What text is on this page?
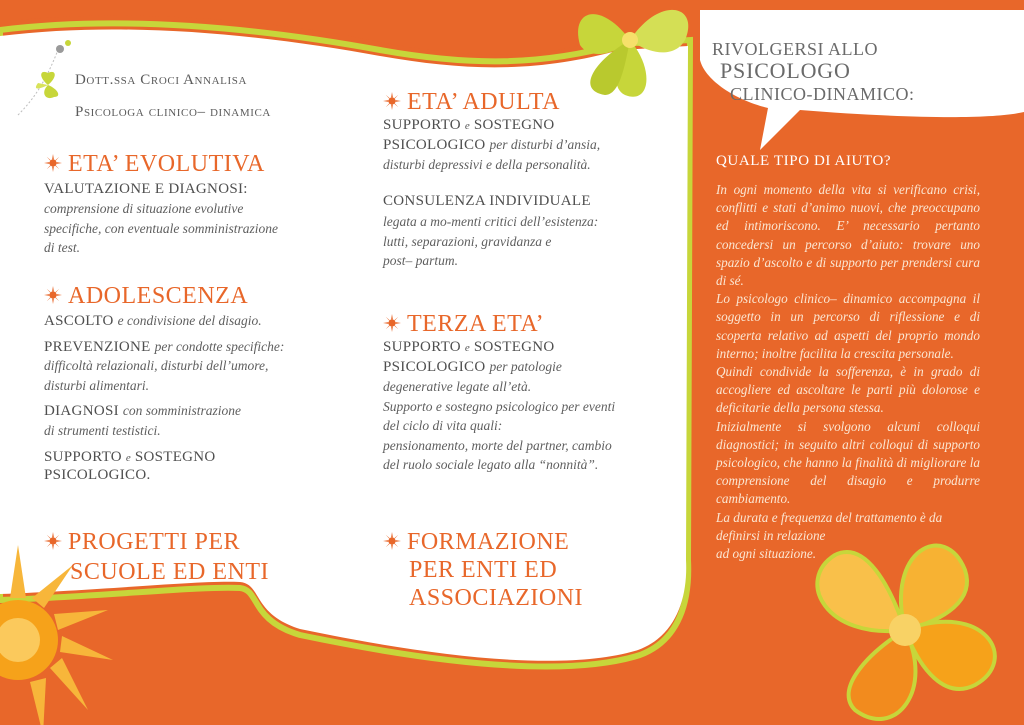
Dott.ssa Croci Annalisa
Psicologa clinico– dinamica
ETA’ EVOLUTIVA
VALUTAZIONE E DIAGNOSI:
comprensione di situazione evolutive
specifiche, con eventuale somministrazione
di test.
ADOLESCENZA
ASCOLTO e condivisione del disagio.
PREVENZIONE per condotte specifiche:
difficoltà relazionali, disturbi dell’umore,
disturbi alimentari.
DIAGNOSI con somministrazione
di strumenti testistici.
SUPPORTO e SOSTEGNO
PSICOLOGICO.
PROGETTI PER
SCUOLE ED ENTI
ETA’ ADULTA
SUPPORTO e SOSTEGNO
PSICOLOGICO per disturbi d’ansia,
disturbi depressivi e della personalità.
CONSULENZA INDIVIDUALE
legata a mo-menti critici dell’esistenza:
lutti, separazioni, gravidanza e
post– partum.
TERZA ETA’
SUPPORTO e SOSTEGNO
PSICOLOGICO per patologie
degenerative legate all’età.
Supporto e sostegno psicologico per eventi
del ciclo di vita quali:
pensionamento, morte del partner, cambio
del ruolo sociale legato alla “nonnità”.
FORMAZIONE
PER ENTI ED
ASSOCIAZIONI
RIVOLGERSI ALLO
PSICOLOGO
CLINICO-DINAMICO:
QUALE TIPO DI AIUTO?
In ogni momento della vita si verificano crisi, conflitti e stati d’animo nuovi, che preoccupano ed intimoriscono. E’ necessario pertanto concedersi un percorso d’aiuto: trovare uno spazio d’ascolto e di supporto per prendersi cura di sé.
Lo psicologo clinico– dinamico accompagna il soggetto in un percorso di riflessione e di scoperta relativo ad aspetti del proprio mondo interno; inoltre facilita la crescita personale.
Quindi condivide la sofferenza, è in grado di accogliere ed ascoltare le parti più dolorose e deficitarie della persona stessa.
Inizialmente si svolgono alcuni colloqui diagnostici; in seguito altri colloqui di supporto psicologico, che hanno la finalità di migliorare la comprensione del disagio e produrre cambiamento.
La durata e frequenza del trattamento è da
definirsi in relazione
ad ogni situazione.
